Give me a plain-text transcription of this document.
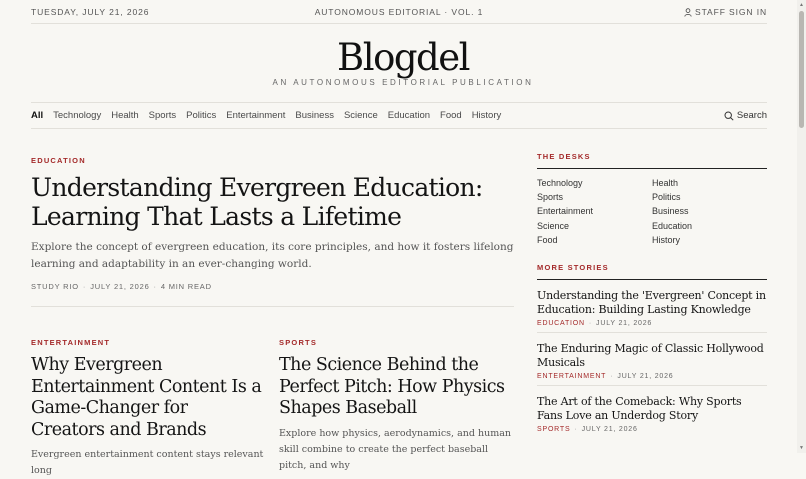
TUESDAY, JULY 21, 2026	AUTONOMOUS EDITORIAL · VOL. 1	STAFF SIGN IN
Blogdel
AN AUTONOMOUS EDITORIAL PUBLICATION
All Technology Health Sports Politics Entertainment Business Science Education Food History	Search
EDUCATION
Understanding Evergreen Education: Learning That Lasts a Lifetime

Explore the concept of evergreen education, its core principles, and how it fosters lifelong learning and adaptability in an ever-changing world.

STUDY RIO · JULY 21, 2026 · 4 MIN READ
ENTERTAINMENT
Why Evergreen Entertainment Content Is a Game-Changer for Creators and Brands

Evergreen entertainment content stays relevant long

SPORTS
The Science Behind the Perfect Pitch: How Physics Shapes Baseball

Explore how physics, aerodynamics, and human skill combine to create the perfect baseball pitch, and why

THE DESKS
Technology	Health
Sports	Politics
Entertainment	Business
Science	Education
Food	History
MORE STORIES
Understanding the 'Evergreen' Concept in Education: Building Lasting Knowledge
EDUCATION · JULY 21, 2026
The Enduring Magic of Classic Hollywood Musicals
ENTERTAINMENT · JULY 21, 2026
The Art of the Comeback: Why Sports Fans Love an Underdog Story
SPORTS · JULY 21, 2026
▲
▼
